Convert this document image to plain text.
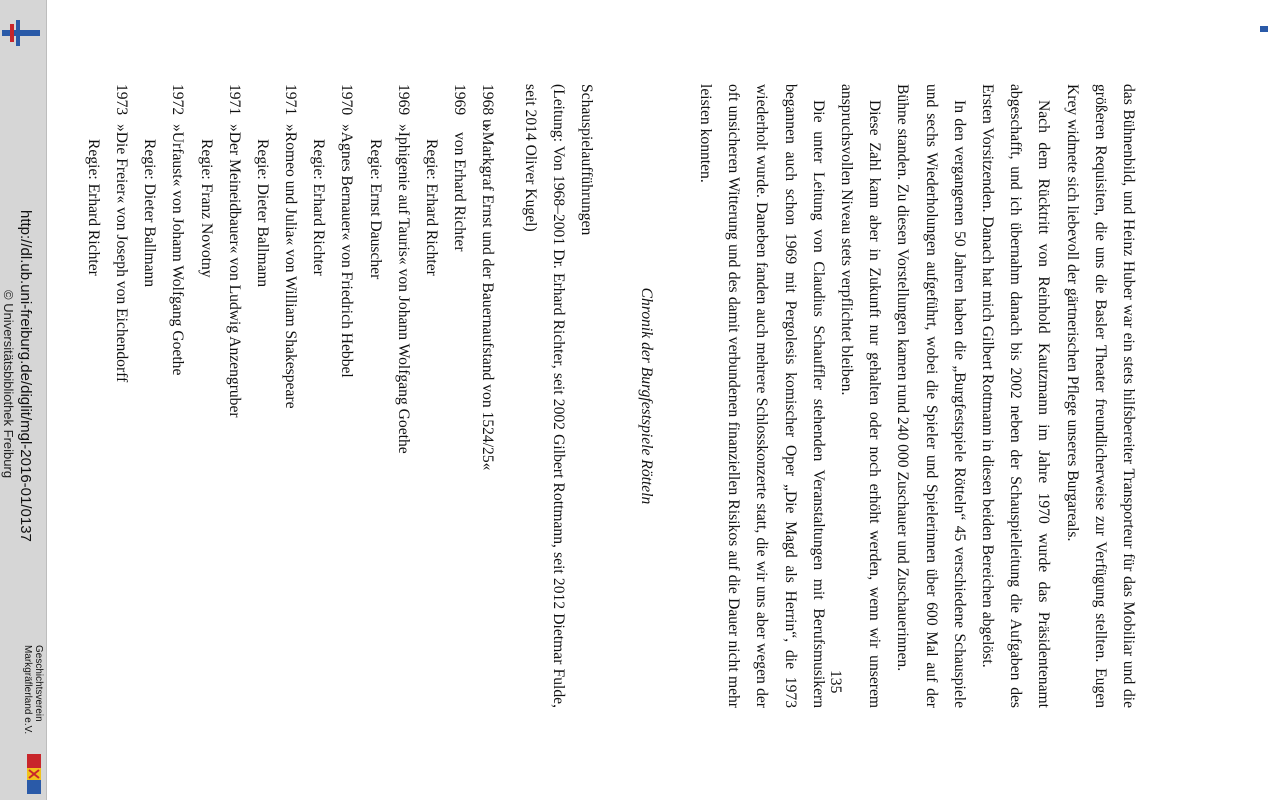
http://dl.ub.uni-freiburg.de/diglit/mgl-2016-01/0137
© Universitätsbibliothek Freiburg
Geschichtsverein
Markgräflerland e.V.	das Bühnenbild, und Heinz Huber war ein stets hilfsbereiter Transporteur für das Mobiliar und die größeren Requisiten, die uns die Basler Theater freundlicherweise zur Verfügung stellten. Eugen Krey widmete sich liebevoll der gärtnerischen Pflege unseres Burgareals.

Nach dem Rücktritt von Reinhold Kautzmann im Jahre 1970 wurde das Präsidentenamt abgeschafft, und ich übernahm danach bis 2002 neben der Schauspielleitung die Aufgaben des Ersten Vorsitzenden. Danach hat mich Gilbert Rottmann in diesen beiden Bereichen abgelöst.

In den vergangenen 50 Jahren haben die „Burgfestspiele Rötteln“ 45 verschiedene Schauspiele und sechs Wiederholungen aufgeführt, wobei die Spieler und Spielerinnen über 600 Mal auf der Bühne standen. Zu diesen Vorstellungen kamen rund 240 000 Zuschauer und Zuschauerinnen.

Diese Zahl kann aber in Zukunft nur gehalten oder noch erhöht werden, wenn wir unserem anspruchsvollen Niveau stets verpflichtet bleiben.

Die unter Leitung von Claudius Schauffler stehenden Veranstaltungen mit Berufsmusikern begannen auch schon 1969 mit Pergolesis komischer Oper „Die Magd als Herrin“, die 1973 wiederholt wurde. Daneben fanden auch mehrere Schlosskonzerte statt, die wir uns aber wegen der oft unsicheren Witterung und des damit verbundenen finanziellen Risikos auf die Dauer nicht mehr leisten konnten.

135
Chronik der Burgfestspiele Rötteln
Schauspielaufführungen
(Leitung: Von 1968–2001 Dr. Erhard Richter, seit 2002 Gilbert Rottmann, seit 2012 Dietmar Fulde, seit 2014 Oliver Kugel)
1968 u.
»Markgraf Ernst und der Bauernaufstand von 1524/25«
1969
von Erhard Richter
Regie: Erhard Richter
1969
»Iphigenie auf Tauris« von Johann Wolfgang Goethe
Regie: Ernst Dauscher
1970
»Agnes Bernauer« von Friedrich Hebbel
Regie: Erhard Richter
1971
»Romeo und Julia« von William Shakespeare
Regie: Dieter Ballmann
1971
»Der Meineidbauer« von Ludwig Anzengruber
Regie: Franz Novotny
1972
»Urfaust« von Johann Wolfgang Goethe
Regie: Dieter Ballmann
1973
»Die Freier« von Joseph von Eichendorff
Regie: Erhard Richter
